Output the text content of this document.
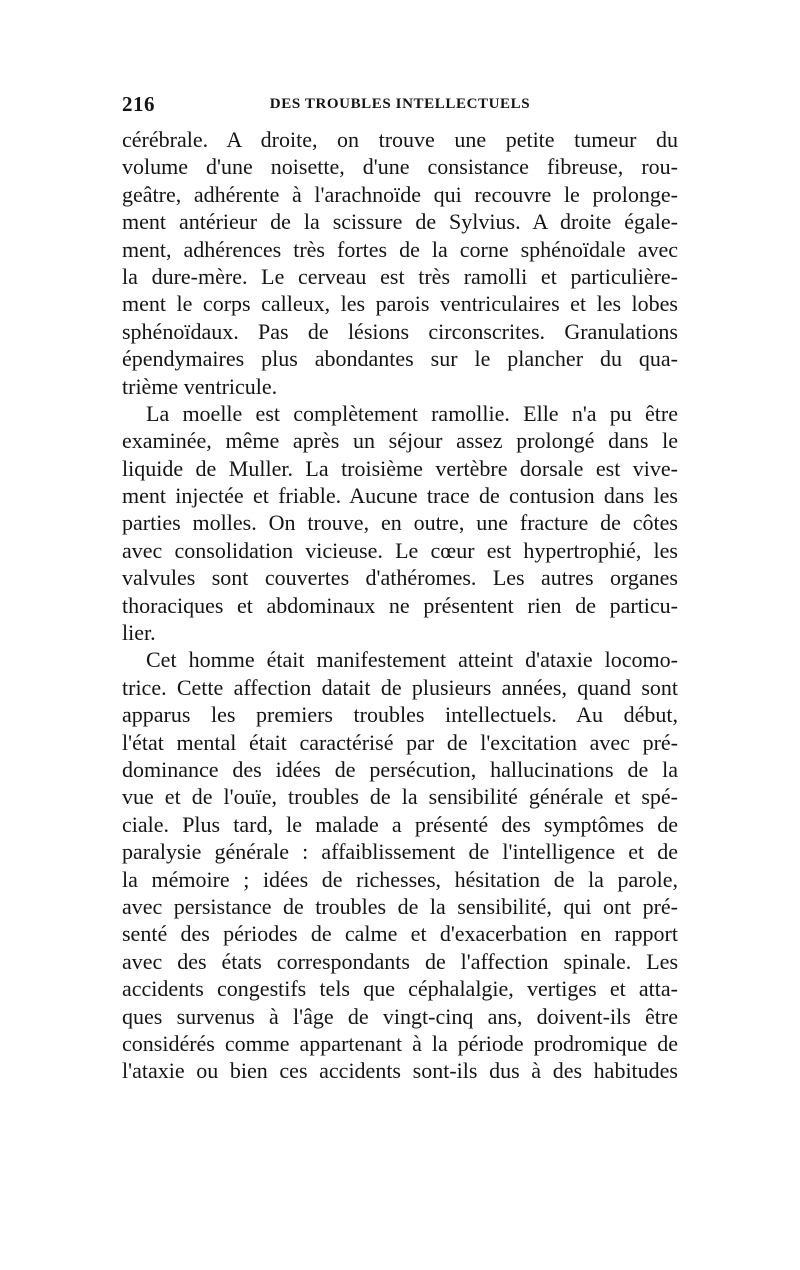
216	DES TROUBLES INTELLECTUELS
cérébrale. A droite, on trouve une petite tumeur du
volume d'une noisette, d'une consistance fibreuse, rou-
geâtre, adhérente à l'arachnoïde qui recouvre le prolonge-
ment antérieur de la scissure de Sylvius. A droite égale-
ment, adhérences très fortes de la corne sphénoïdale avec
la dure-mère. Le cerveau est très ramolli et particulière-
ment le corps calleux, les parois ventriculaires et les lobes
sphénoïdaux. Pas de lésions circonscrites. Granulations
épendymaires plus abondantes sur le plancher du qua-
trième ventricule.
La moelle est complètement ramollie. Elle n'a pu être
examinée, même après un séjour assez prolongé dans le
liquide de Muller. La troisième vertèbre dorsale est vive-
ment injectée et friable. Aucune trace de contusion dans les
parties molles. On trouve, en outre, une fracture de côtes
avec consolidation vicieuse. Le cœur est hypertrophié, les
valvules sont couvertes d'athéromes. Les autres organes
thoraciques et abdominaux ne présentent rien de particu-
lier.
Cet homme était manifestement atteint d'ataxie locomo-
trice. Cette affection datait de plusieurs années, quand sont
apparus les premiers troubles intellectuels. Au début,
l'état mental était caractérisé par de l'excitation avec pré-
dominance des idées de persécution, hallucinations de la
vue et de l'ouïe, troubles de la sensibilité générale et spé-
ciale. Plus tard, le malade a présenté des symptômes de
paralysie générale : affaiblissement de l'intelligence et de
la mémoire ; idées de richesses, hésitation de la parole,
avec persistance de troubles de la sensibilité, qui ont pré-
senté des périodes de calme et d'exacerbation en rapport
avec des états correspondants de l'affection spinale. Les
accidents congestifs tels que céphalalgie, vertiges et atta-
ques survenus à l'âge de vingt-cinq ans, doivent-ils être
considérés comme appartenant à la période prodromique de
l'ataxie ou bien ces accidents sont-ils dus à des habitudes
